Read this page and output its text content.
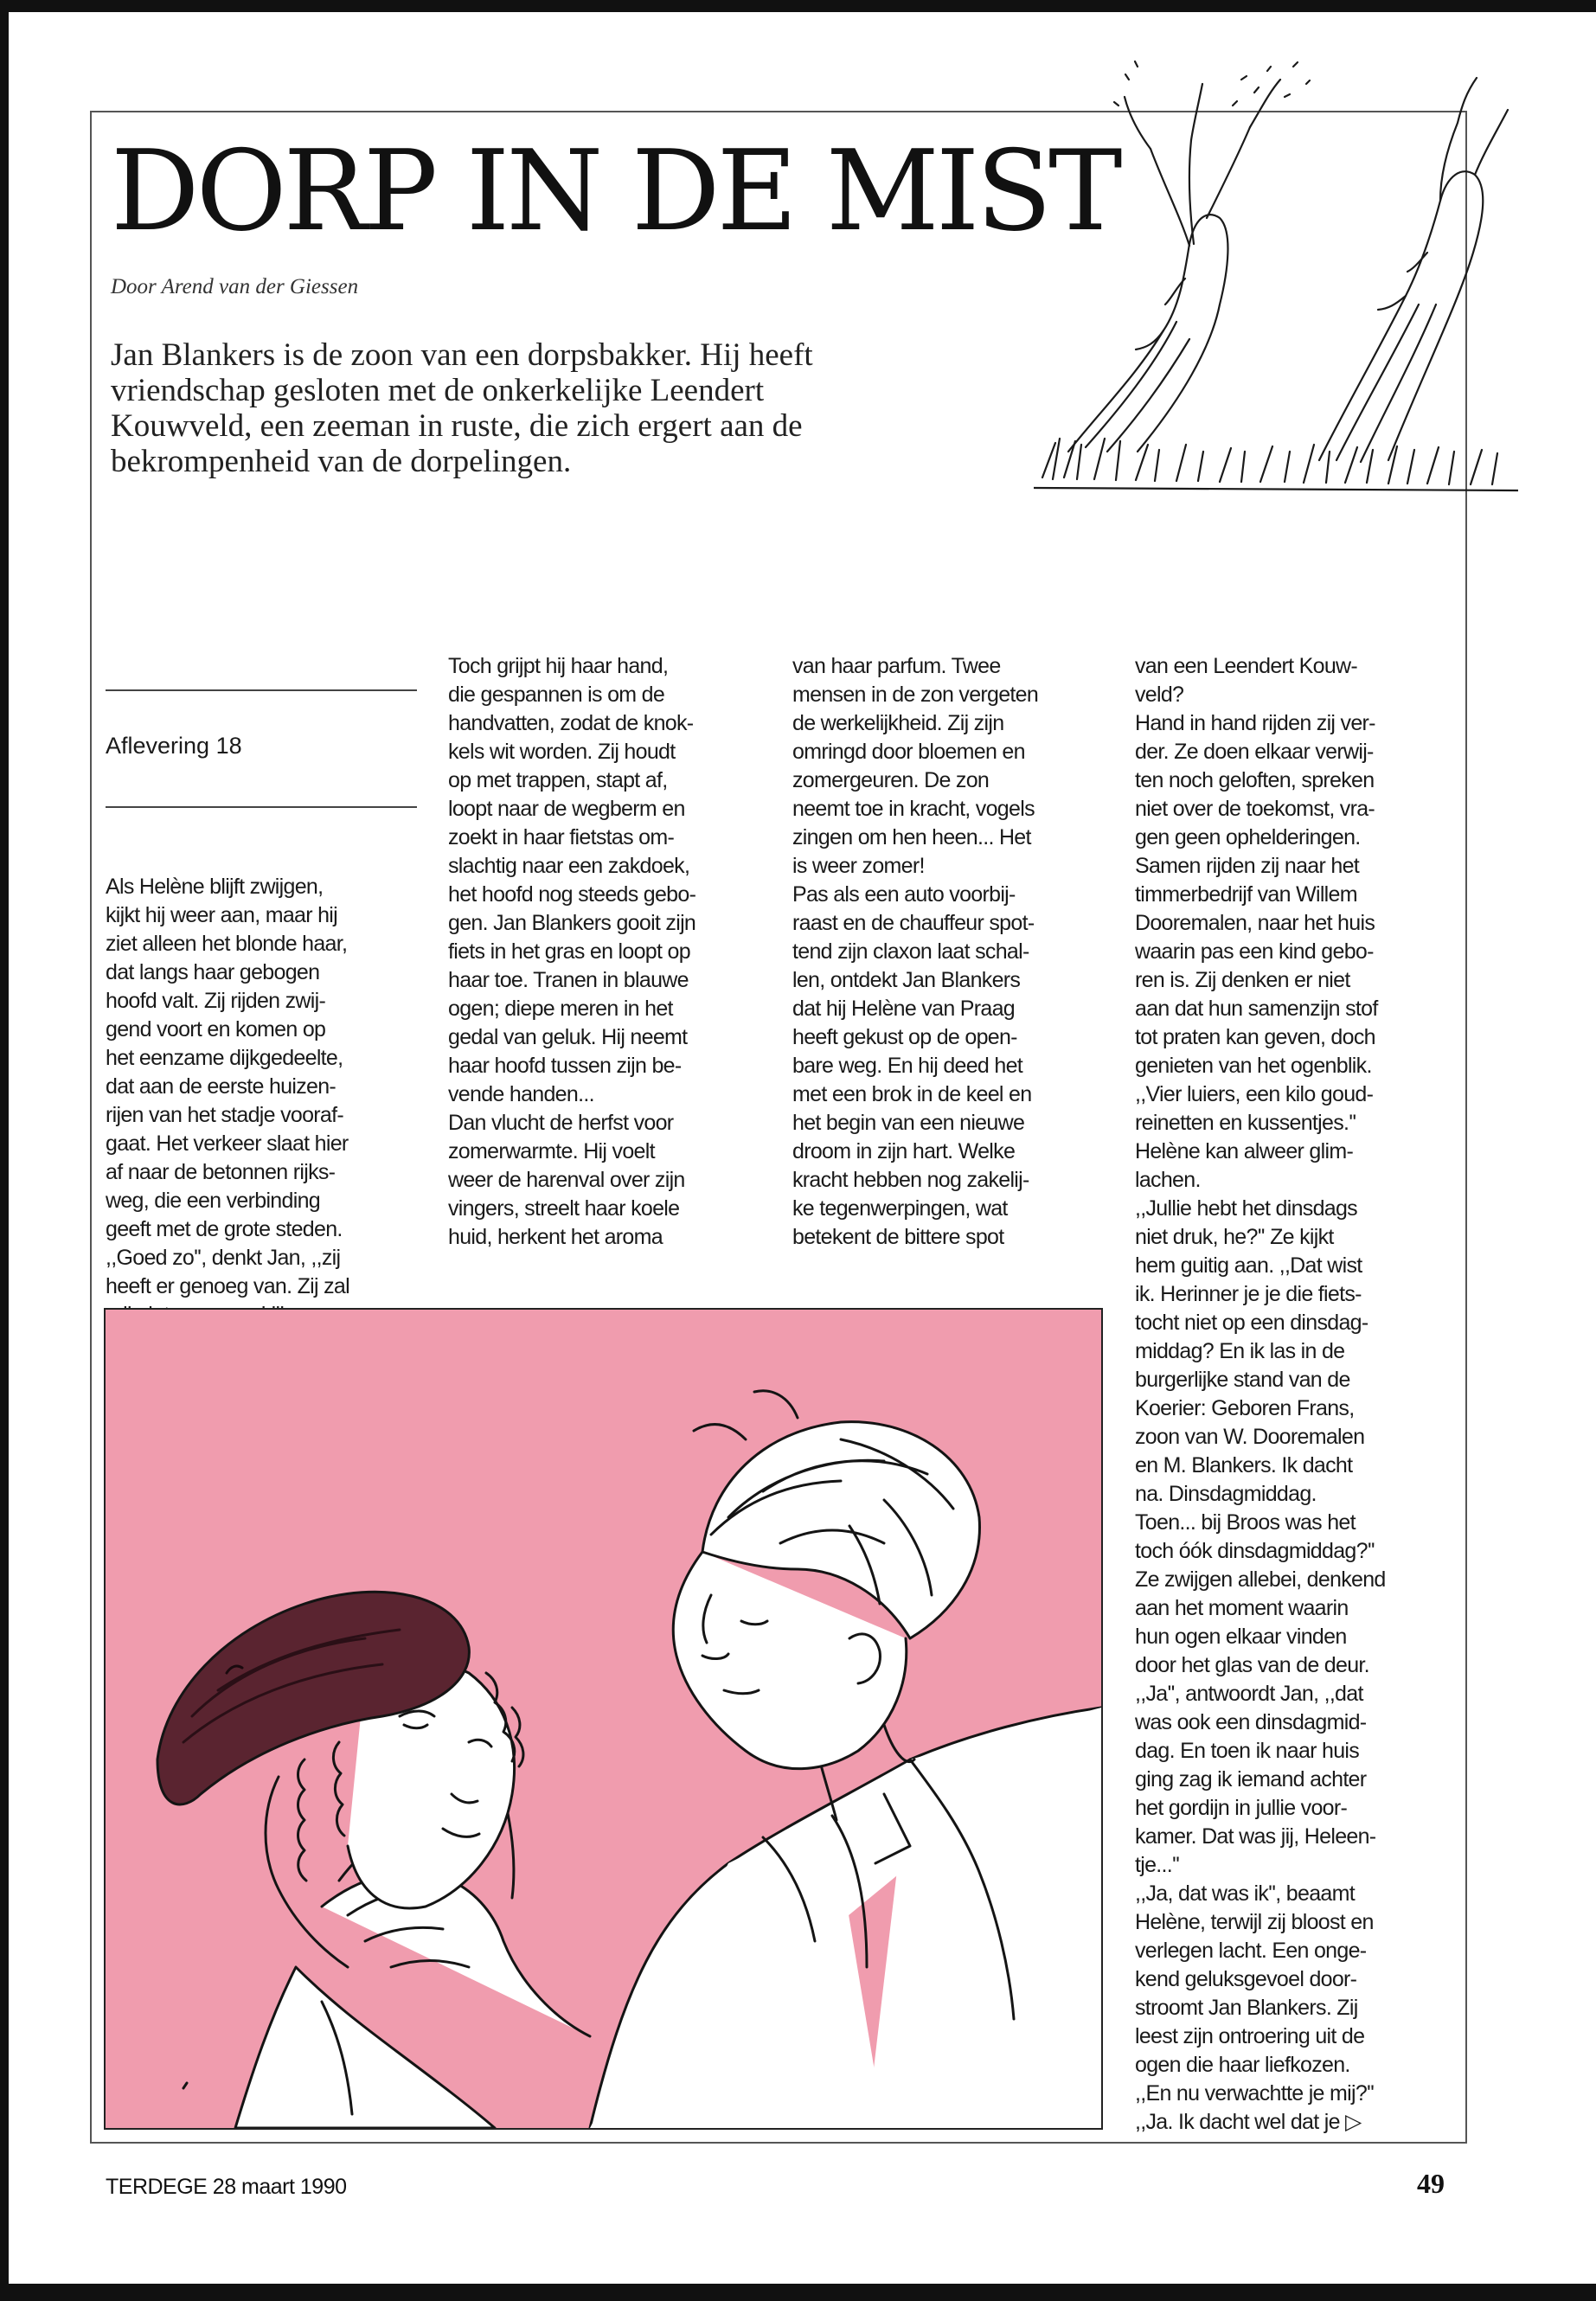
DORP IN DE MIST
Door Arend van der Giessen

Jan Blankers is de zoon van een dorpsbakker. Hij heeft vriendschap gesloten met de onkerkelijke Leendert Kouwveld, een zeeman in ruste, die zich ergert aan de bekrompenheid van de dorpelingen.

Aflevering 18

Als Helène blijft zwijgen,
kijkt hij weer aan, maar hij
ziet alleen het blonde haar,
dat langs haar gebogen
hoofd valt. Zij rijden zwij-
gend voort en komen op
het eenzame dijkgedeelte,
dat aan de eerste huizen-
rijen van het stadje vooraf-
gaat. Het verkeer slaat hier
af naar de betonnen rijks-
weg, die een verbinding
geeft met de grote steden.
,,Goed zo'', denkt Jan, ,,zij
heeft er genoeg van. Zij zal

Toch grijpt hij haar hand,
die gespannen is om de
handvatten, zodat de knok-
kels wit worden. Zij houdt
op met trappen, stapt af,
loopt naar de wegberm en
zoekt in haar fietstas om-
slachtig naar een zakdoek,
het hoofd nog steeds gebo-
gen. Jan Blankers gooit zijn
fiets in het gras en loopt op
haar toe. Tranen in blauwe
ogen; diepe meren in het
gedal van geluk. Hij neemt
haar hoofd tussen zijn be-
vende handen...
Dan vlucht de herfst voor
zomerwarmte. Hij voelt
weer de harenval over zijn
vingers, streelt haar koele
huid, herkent het aroma

van haar parfum. Twee
mensen in de zon vergeten
de werkelijkheid. Zij zijn
omringd door bloemen en
zomergeuren. De zon
neemt toe in kracht, vogels
zingen om hen heen... Het
is weer zomer!
Pas als een auto voorbij-
raast en de chauffeur spot-
tend zijn claxon laat schal-
len, ontdekt Jan Blankers
dat hij Helène van Praag
heeft gekust op de open-
bare weg. En hij deed het
met een brok in de keel en
het begin van een nieuwe
droom in zijn hart. Welke
kracht hebben nog zakelij-
ke tegenwerpingen, wat
betekent de bittere spot

van een Leendert Kouw-
veld?
Hand in hand rijden zij ver-
der. Ze doen elkaar verwij-
ten noch geloften, spreken
niet over de toekomst, vra-
gen geen ophelderingen.
Samen rijden zij naar het
timmerbedrijf van Willem
Dooremalen, naar het huis
waarin pas een kind gebo-
ren is. Zij denken er niet
aan dat hun samenzijn stof
tot praten kan geven, doch
genieten van het ogenblik.
,,Vier luiers, een kilo goud-
reinetten en kussentjes.''
Helène kan alweer glim-
lachen.
,,Jullie hebt het dinsdags
niet druk, he?'' Ze kijkt
hem guitig aan. ,,Dat wist
ik. Herinner je je die fiets-
tocht niet op een dinsdag-
middag? En ik las in de
burgerlijke stand van de
Koerier: Geboren Frans,
zoon van W. Dooremalen
en M. Blankers. Ik dacht
na. Dinsdagmiddag.
Toen... bij Broos was het
toch óók dinsdagmiddag?''
Ze zwijgen allebei, denkend
aan het moment waarin
hun ogen elkaar vinden
door het glas van de deur.
,,Ja'', antwoordt Jan, ,,dat
was ook een dinsdagmid-
dag. En toen ik naar huis
ging zag ik iemand achter
het gordijn in jullie voor-
kamer. Dat was jij, Heleen-
tje...''
,,Ja, dat was ik'', beaamt
Helène, terwijl zij bloost en
verlegen lacht. Een onge-
kend geluksgevoel door-
stroomt Jan Blankers. Zij
leest zijn ontroering uit de
ogen die haar liefkozen.
,,En nu verwachtte je mij?''
,,Ja. Ik dacht wel dat je ▷

TERDEGE 28 maart 1990	49
